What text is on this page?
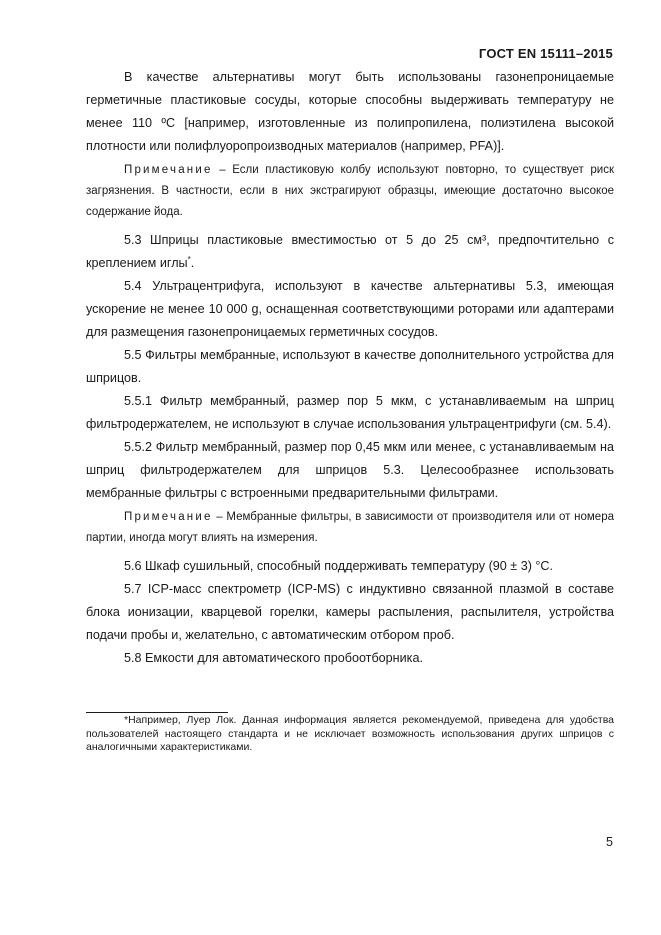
ГОСТ EN 15111–2015

В качестве альтернативы могут быть использованы газонепроницаемые герметичные пластиковые сосуды, которые способны выдерживать температуру не менее 110 ºС [например, изготовленные из полипропилена, полиэтилена высокой плотности или полифлуоропроизводных материалов (например, PFA)].

Примечание – Если пластиковую колбу используют повторно, то существует риск загрязнения. В частности, если в них экстрагируют образцы, имеющие достаточно высокое содержание йода.

5.3 Шприцы пластиковые вместимостью от 5 до 25 см³, предпочтительно с креплением иглы*.

5.4 Ультрацентрифуга, используют в качестве альтернативы 5.3, имеющая ускорение не менее 10 000 g, оснащенная соответствующими роторами или адаптерами для размещения газонепроницаемых герметичных сосудов.

5.5 Фильтры мембранные, используют в качестве дополнительного устройства для шприцов.

5.5.1 Фильтр мембранный, размер пор 5 мкм, с устанавливаемым на шприц фильтродержателем, не используют в случае использования ультрацентрифуги (см. 5.4).

5.5.2 Фильтр мембранный, размер пор 0,45 мкм или менее, с устанавливаемым на шприц фильтродержателем для шприцов 5.3. Целесообразнее использовать мембранные фильтры с встроенными предварительными фильтрами.

Примечание – Мембранные фильтры, в зависимости от производителя или от номера партии, иногда могут влиять на измерения.

5.6 Шкаф сушильный, способный поддерживать температуру (90 ± 3) °С.

5.7 ICP-масс спектрометр (ICP-MS) с индуктивно связанной плазмой в составе блока ионизации, кварцевой горелки, камеры распыления, распылителя, устройства подачи пробы и, желательно, с автоматическим отбором проб.

5.8 Емкости для автоматического пробоотборника.

*Например, Луер Лок. Данная информация является рекомендуемой, приведена для удобства пользователей настоящего стандарта и не исключает возможность использования других шприцов с аналогичными характеристиками.
5
